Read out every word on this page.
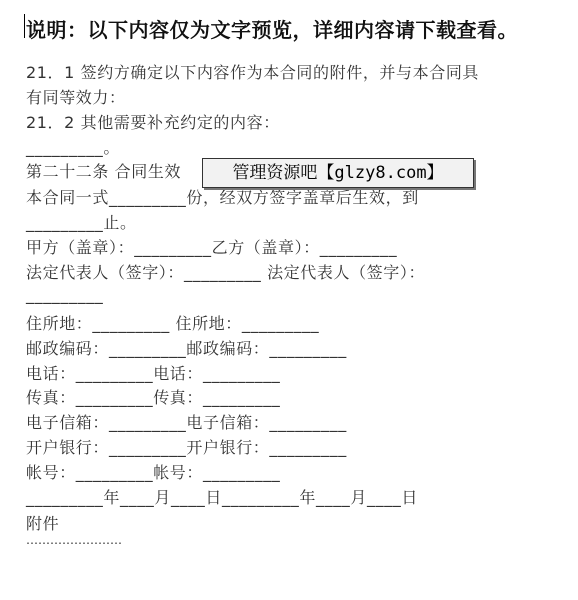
说明：以下内容仅为文字预览，详细内容请下载查看。
21．1 签约方确定以下内容作为本合同的附件，并与本合同具
有同等效力：
21．2 其他需要补充约定的内容：
_________。
第二十二条 合同生效
本合同一式_________份，经双方签字盖章后生效，到
_________止。
甲方（盖章）：_________乙方（盖章）：_________
法定代表人（签字）：_________ 法定代表人（签字）：
_________
住所地：_________ 住所地：_________
邮政编码：_________邮政编码：_________
电话：_________电话：_________
传真：_________传真：_________
电子信箱：_________电子信箱：_________
开户银行：_________开户银行：_________
帐号：_________帐号：_________
_________年____月____日_________年____月____日
附件
……………………
管理资源吧【glzy8.com】
